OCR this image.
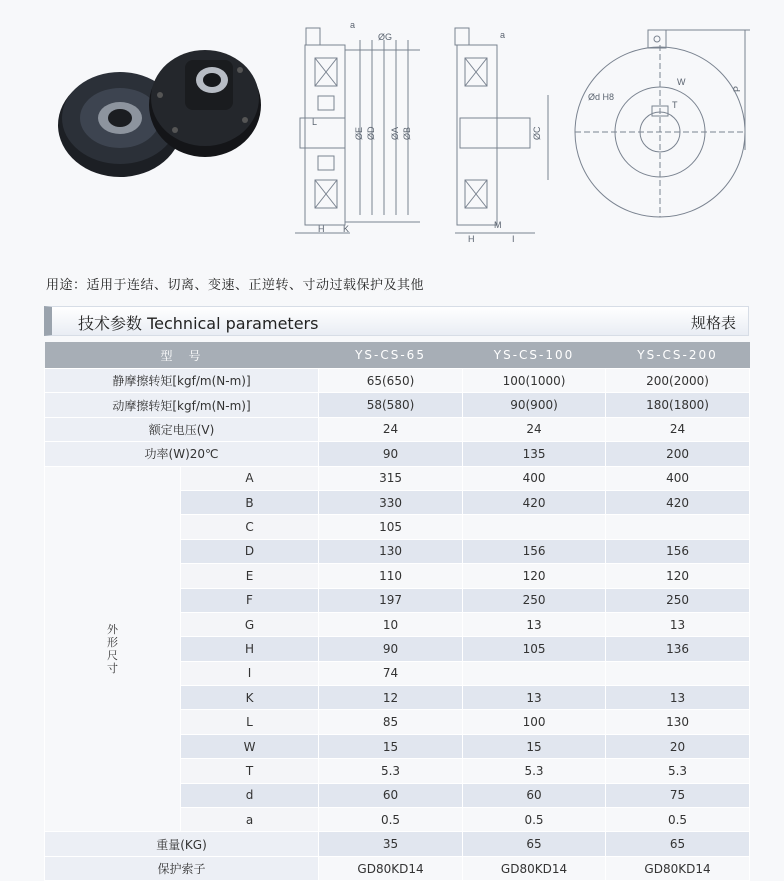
a
ØG
ØE ØD ØA ØB
L
H K
a
ØC
H
M
I
W
T
P
Ød H8
用途：适用于连结、切离、变速、正逆转、寸动过载保护及其他
技术参数 Technical parameters	规格表
型　号		YS-CS-65	YS-CS-100	YS-CS-200
静摩擦转矩[kgf/m(N-m)]		65(650)	100(1000)	200(2000)
动摩擦转矩[kgf/m(N-m)]		58(580)	90(900)	180(1800)
额定电压(V)		24	24	24
功率(W)20℃		90	135	200
外形尺寸	A	315	400	400
	B	330	420	420
	C	105		
	D	130	156	156
	E	110	120	120
	F	197	250	250
	G	10	13	13
	H	90	105	136
	I	74		
	K	12	13	13
	L	85	100	130
	W	15	15	20
	T	5.3	5.3	5.3
	d	60	60	75
	a	0.5	0.5	0.5
重量(KG)		35	65	65
保护索子		GD80KD14	GD80KD14	GD80KD14
